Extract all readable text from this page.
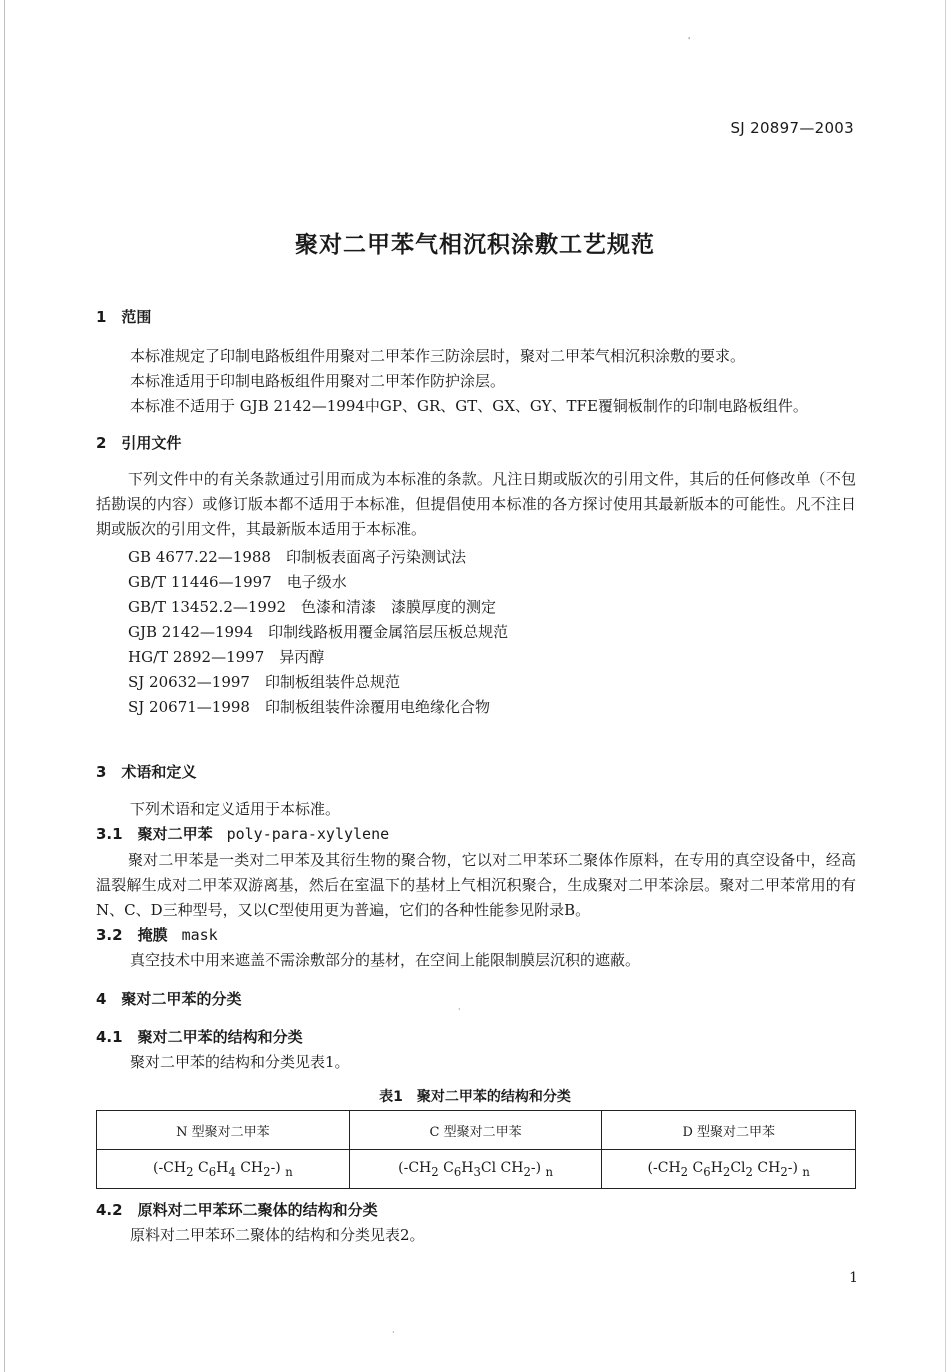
'
SJ 20897—2003
聚对二甲苯气相沉积涂敷工艺规范
1　范围
本标准规定了印制电路板组件用聚对二甲苯作三防涂层时，聚对二甲苯气相沉积涂敷的要求。
本标准适用于印制电路板组件用聚对二甲苯作防护涂层。
本标准不适用于 GJB 2142—1994中GP、GR、GT、GX、GY、TFE覆铜板制作的印制电路板组件。
2　引用文件
下列文件中的有关条款通过引用而成为本标准的条款。凡注日期或版次的引用文件，其后的任何修改单（不包括勘误的内容）或修订版本都不适用于本标准，但提倡使用本标准的各方探讨使用其最新版本的可能性。凡不注日期或版次的引用文件，其最新版本适用于本标准。
GB 4677.22—1988　印制板表面离子污染测试法
GB/T 11446—1997　电子级水
GB/T 13452.2—1992　色漆和清漆　漆膜厚度的测定
GJB 2142—1994　印制线路板用覆金属箔层压板总规范
HG/T 2892—1997　异丙醇
SJ 20632—1997　印制板组装件总规范
SJ 20671—1998　印制板组装件涂覆用电绝缘化合物
3　术语和定义
下列术语和定义适用于本标准。
3.1　聚对二甲苯 poly-para-xylylene
聚对二甲苯是一类对二甲苯及其衍生物的聚合物，它以对二甲苯环二聚体作原料，在专用的真空设备中，经高温裂解生成对二甲苯双游离基，然后在室温下的基材上气相沉积聚合，生成聚对二甲苯涂层。聚对二甲苯常用的有N、C、D三种型号，又以C型使用更为普遍，它们的各种性能参见附录B。
3.2　掩膜 mask
真空技术中用来遮盖不需涂敷部分的基材，在空间上能限制膜层沉积的遮蔽。
4　聚对二甲苯的分类
4.1　聚对二甲苯的结构和分类
聚对二甲苯的结构和分类见表1。
表1　聚对二甲苯的结构和分类
N 型聚对二甲苯	C 型聚对二甲苯	D 型聚对二甲苯
($-CH_2$ $C_6H_4$ $CH_2-$) $_n$	($-CH_2$ $C_6H_3Cl$ $CH_2-$) $_n$	($-CH_2$ $C_6H_2Cl_2$ $CH_2-$) $_n$
4.2　原料对二甲苯环二聚体的结构和分类
原料对二甲苯环二聚体的结构和分类见表2。
1
·
·
